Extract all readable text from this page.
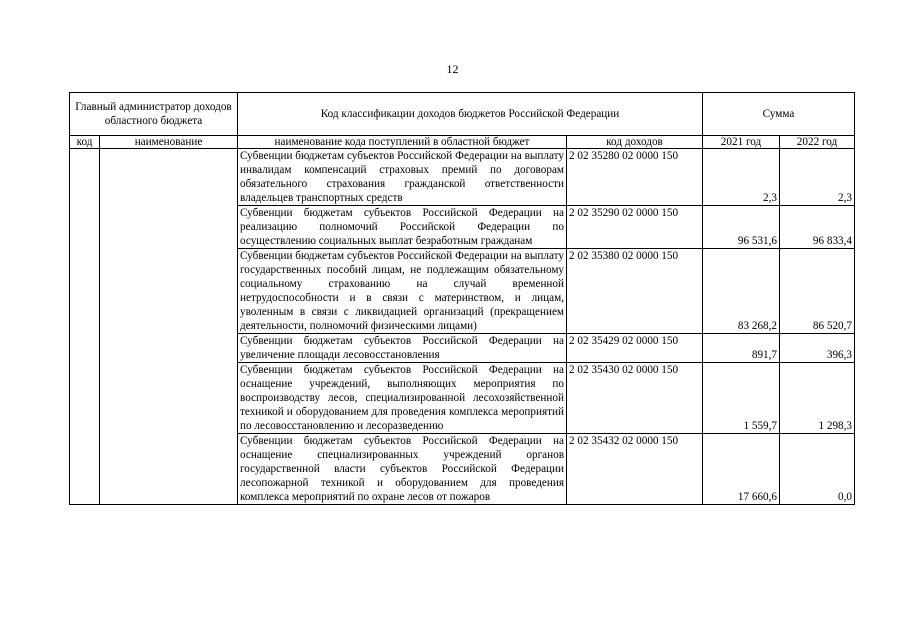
12
Главный администратор доходов областного бюджета		Код классификации доходов бюджетов Российской Федерации		Сумма	
код	наименование	наименование кода поступлений в областной бюджет	код доходов	2021 год	2022 год
		Субвенции бюджетам субъектов Российской Федерации на выплату инвалидам компенсаций страховых премий по договорам обязательного страхования гражданской ответственности владельцев транспортных средств	2 02 35280 02 0000 150	2,3	2,3
		Субвенции бюджетам субъектов Российской Федерации на реализацию полномочий Российской Федерации по осуществлению социальных выплат безработным гражданам	2 02 35290 02 0000 150	96 531,6	96 833,4
		Субвенции бюджетам субъектов Российской Федерации на выплату государственных пособий лицам, не подлежащим обязательному социальному страхованию на случай временной нетрудоспособности и в связи с материнством, и лицам, уволенным в связи с ликвидацией организаций (прекращением деятельности, полномочий физическими лицами)	2 02 35380 02 0000 150	83 268,2	86 520,7
		Субвенции бюджетам субъектов Российской Федерации на увеличение площади лесовосстановления	2 02 35429 02 0000 150	891,7	396,3
		Субвенции бюджетам субъектов Российской Федерации на оснащение учреждений, выполняющих мероприятия по воспроизводству лесов, специализированной лесохозяйственной техникой и оборудованием для проведения комплекса мероприятий по лесовосстановлению и лесоразведению	2 02 35430 02 0000 150	1 559,7	1 298,3
		Субвенции бюджетам субъектов Российской Федерации на оснащение специализированных учреждений органов государственной власти субъектов Российской Федерации лесопожарной техникой и оборудованием для проведения комплекса мероприятий по охране лесов от пожаров	2 02 35432 02 0000 150	17 660,6	0,0
